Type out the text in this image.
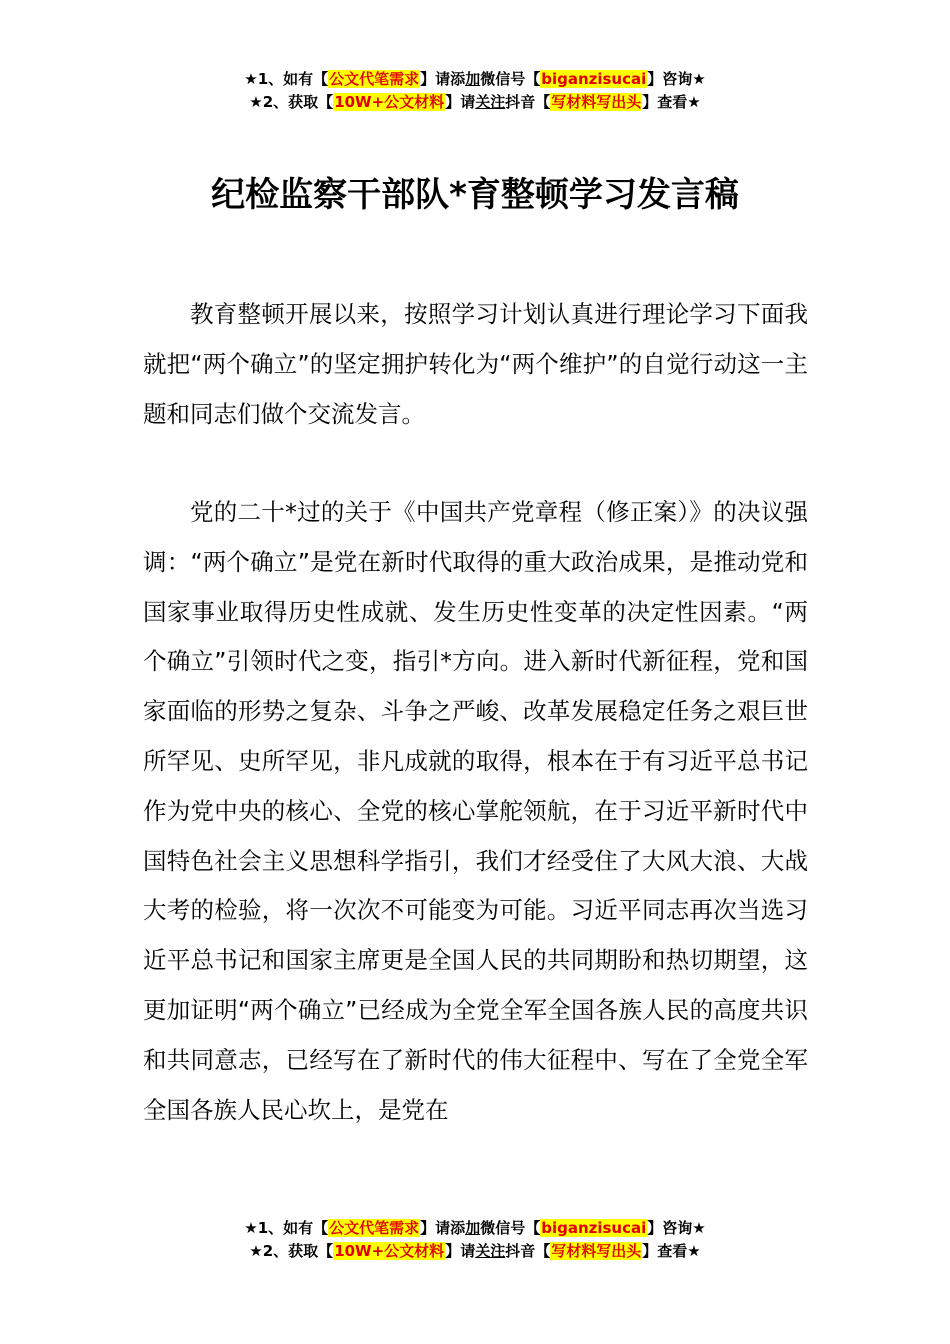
★1、如有【公文代笔需求】请添加微信号【biganzisucai】咨询★
★2、获取【10W+公文材料】请关注抖音【写材料写出头】查看★
纪检监察干部队*育整顿学习发言稿

教育整顿开展以来，按照学习计划认真进行理论学习下面我就把“两个确立”的坚定拥护转化为“两个维护”的自觉行动这一主题和同志们做个交流发言。

党的二十*过的关于《中国共产党章程（修正案）》的决议强调：“两个确立”是党在新时代取得的重大政治成果，是推动党和国家事业取得历史性成就、发生历史性变革的决定性因素。“两个确立”引领时代之变，指引*方向。进入新时代新征程，党和国家面临的形势之复杂、斗争之严峻、改革发展稳定任务之艰巨世所罕见、史所罕见，非凡成就的取得，根本在于有习近平总书记作为党中央的核心、全党的核心掌舵领航，在于习近平新时代中国特色社会主义思想科学指引，我们才经受住了大风大浪、大战大考的检验，将一次次不可能变为可能。习近平同志再次当选习近平总书记和国家主席更是全国人民的共同期盼和热切期望，这更加证明“两个确立”已经成为全党全军全国各族人民的高度共识和共同意志，已经写在了新时代的伟大征程中、写在了全党全军全国各族人民心坎上，是党在

★1、如有【公文代笔需求】请添加微信号【biganzisucai】咨询★
★2、获取【10W+公文材料】请关注抖音【写材料写出头】查看★
